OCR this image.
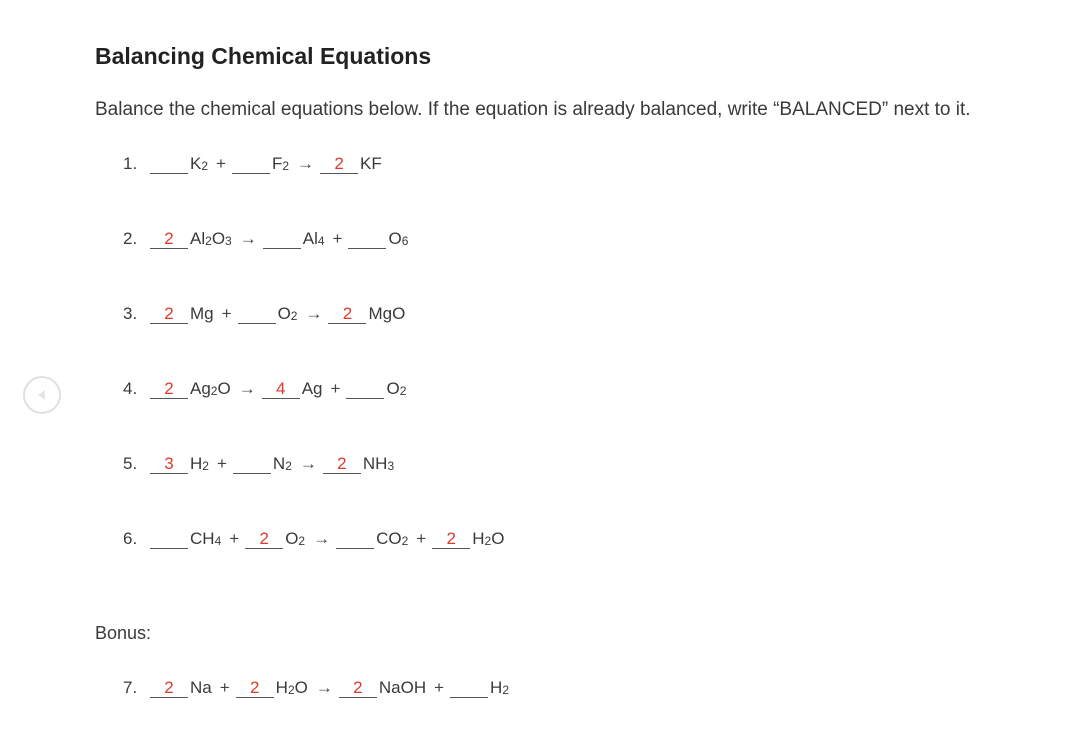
Balancing Chemical Equations
Balance the chemical equations below. If the equation is already balanced, write “BALANCED” next to it.
1.	K2 +	F2 →	2 KF
2.	2 Al2O3 →	Al4 +	O6
3.	2 Mg +	O2 →	2 MgO
4.	2 Ag2O →	4 Ag +	O2
5.	3 H2 +	N2 →	2 NH3
6.	CH4 +	2 O2 →	CO2 +	2 H2O
Bonus:
7.	2 Na +	2 H2O →	2 NaOH +	H2
